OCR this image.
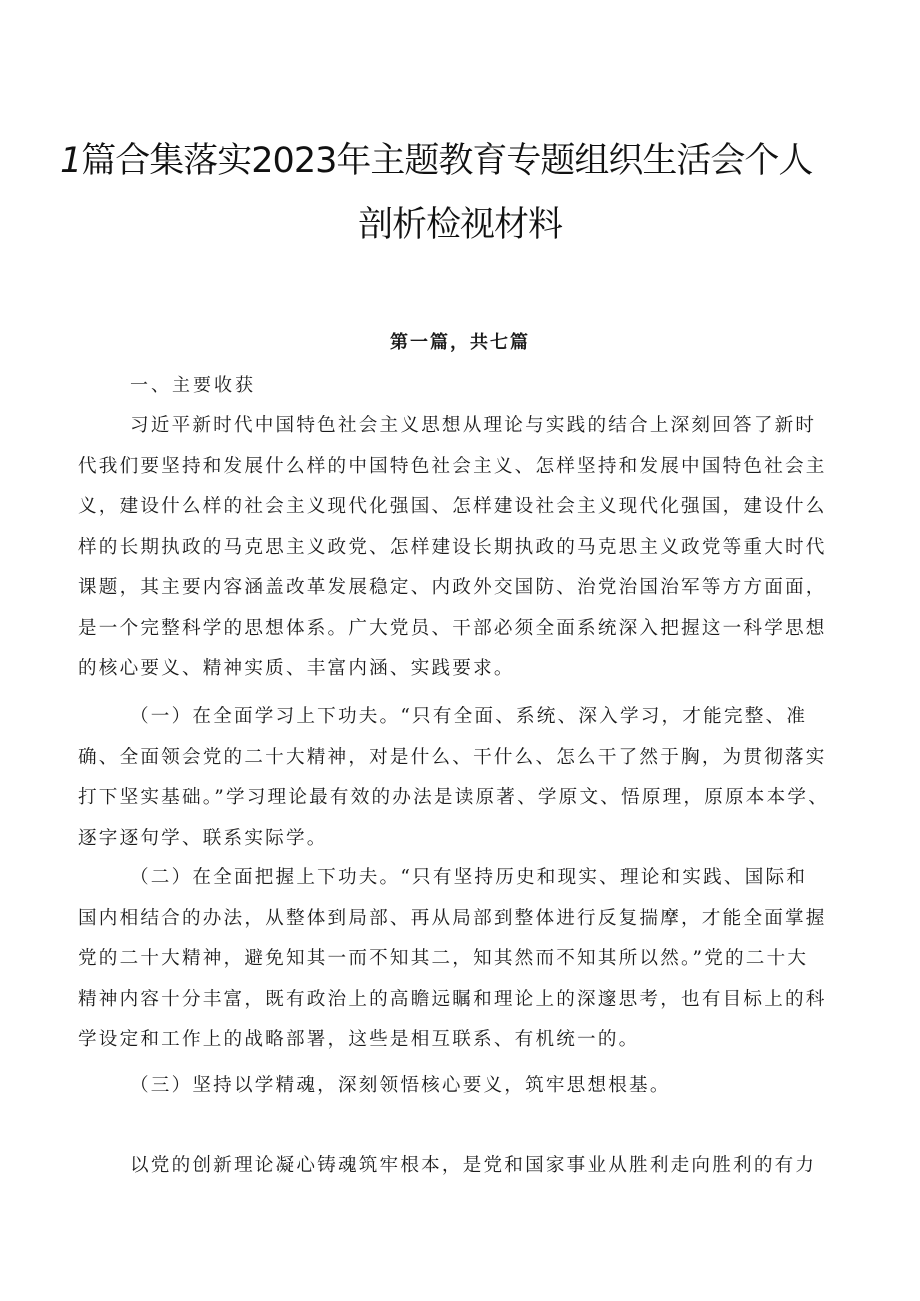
1篇合集落实2023年主题教育专题组织生活会个人
剖析检视材料
第一篇，共七篇
一、主要收获
习近平新时代中国特色社会主义思想从理论与实践的结合上深刻回答了新时
代我们要坚持和发展什么样的中国特色社会主义、怎样坚持和发展中国特色社会主
义，建设什么样的社会主义现代化强国、怎样建设社会主义现代化强国，建设什么
样的长期执政的马克思主义政党、怎样建设长期执政的马克思主义政党等重大时代
课题，其主要内容涵盖改革发展稳定、内政外交国防、治党治国治军等方方面面，
是一个完整科学的思想体系。广大党员、干部必须全面系统深入把握这一科学思想
的核心要义、精神实质、丰富内涵、实践要求。
（一）在全面学习上下功夫。“只有全面、系统、深入学习，才能完整、准
确、全面领会党的二十大精神，对是什么、干什么、怎么干了然于胸，为贯彻落实
打下坚实基础。”学习理论最有效的办法是读原著、学原文、悟原理，原原本本学、
逐字逐句学、联系实际学。
（二）在全面把握上下功夫。“只有坚持历史和现实、理论和实践、国际和
国内相结合的办法，从整体到局部、再从局部到整体进行反复揣摩，才能全面掌握
党的二十大精神，避免知其一而不知其二，知其然而不知其所以然。”党的二十大
精神内容十分丰富，既有政治上的高瞻远瞩和理论上的深邃思考，也有目标上的科
学设定和工作上的战略部署，这些是相互联系、有机统一的。
（三）坚持以学精魂，深刻领悟核心要义，筑牢思想根基。
以党的创新理论凝心铸魂筑牢根本，是党和国家事业从胜利走向胜利的有力
